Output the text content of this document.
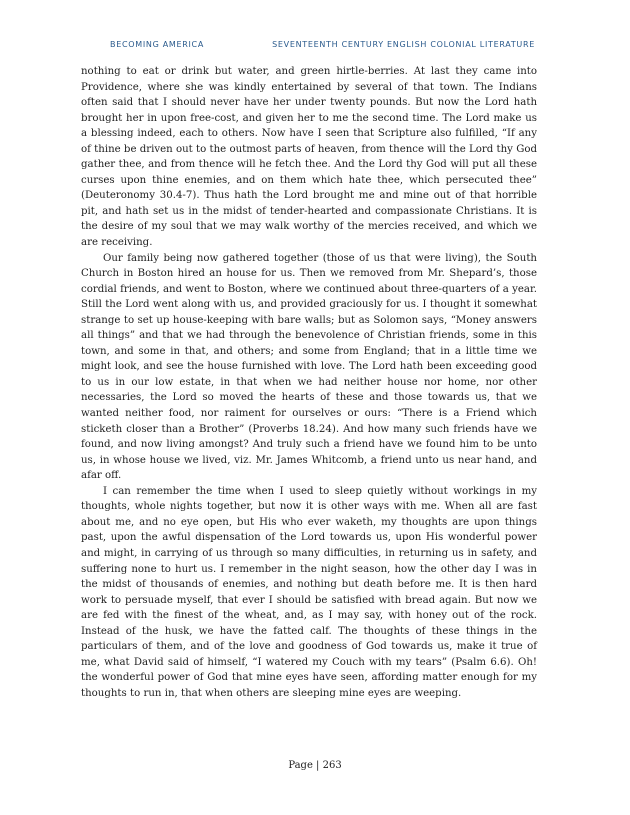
BECOMING AMERICA	SEVENTEENTH CENTURY ENGLISH COLONIAL LITERATURE

nothing to eat or drink but water, and green hirtle-berries. At last they came into Providence, where she was kindly entertained by several of that town. The Indians often said that I should never have her under twenty pounds. But now the Lord hath brought her in upon free-cost, and given her to me the second time. The Lord make us a blessing indeed, each to others. Now have I seen that Scripture also fulfilled, “If any of thine be driven out to the outmost parts of heaven, from thence will the Lord thy God gather thee, and from thence will he fetch thee. And the Lord thy God will put all these curses upon thine enemies, and on them which hate thee, which persecuted thee” (Deuteronomy 30.4-7). Thus hath the Lord brought me and mine out of that horrible pit, and hath set us in the midst of tender-hearted and compassionate Christians. It is the desire of my soul that we may walk worthy of the mercies received, and which we are receiving.

Our family being now gathered together (those of us that were living), the South Church in Boston hired an house for us. Then we removed from Mr. Shepard’s, those cordial friends, and went to Boston, where we continued about three-quarters of a year. Still the Lord went along with us, and provided graciously for us. I thought it somewhat strange to set up house-keeping with bare walls; but as Solomon says, “Money answers all things” and that we had through the benevolence of Christian friends, some in this town, and some in that, and others; and some from England; that in a little time we might look, and see the house furnished with love. The Lord hath been exceeding good to us in our low estate, in that when we had neither house nor home, nor other necessaries, the Lord so moved the hearts of these and those towards us, that we wanted neither food, nor raiment for ourselves or ours: “There is a Friend which sticketh closer than a Brother” (Proverbs 18.24). And how many such friends have we found, and now living amongst? And truly such a friend have we found him to be unto us, in whose house we lived, viz. Mr. James Whitcomb, a friend unto us near hand, and afar off.

I can remember the time when I used to sleep quietly without workings in my thoughts, whole nights together, but now it is other ways with me. When all are fast about me, and no eye open, but His who ever waketh, my thoughts are upon things past, upon the awful dispensation of the Lord towards us, upon His wonderful power and might, in carrying of us through so many difficulties, in returning us in safety, and suffering none to hurt us. I remember in the night season, how the other day I was in the midst of thousands of enemies, and nothing but death before me. It is then hard work to persuade myself, that ever I should be satisfied with bread again. But now we are fed with the finest of the wheat, and, as I may say, with honey out of the rock. Instead of the husk, we have the fatted calf. The thoughts of these things in the particulars of them, and of the love and goodness of God towards us, make it true of me, what David said of himself, “I watered my Couch with my tears” (Psalm 6.6). Oh! the wonderful power of God that mine eyes have seen, affording matter enough for my thoughts to run in, that when others are sleeping mine eyes are weeping.

Page | 263
